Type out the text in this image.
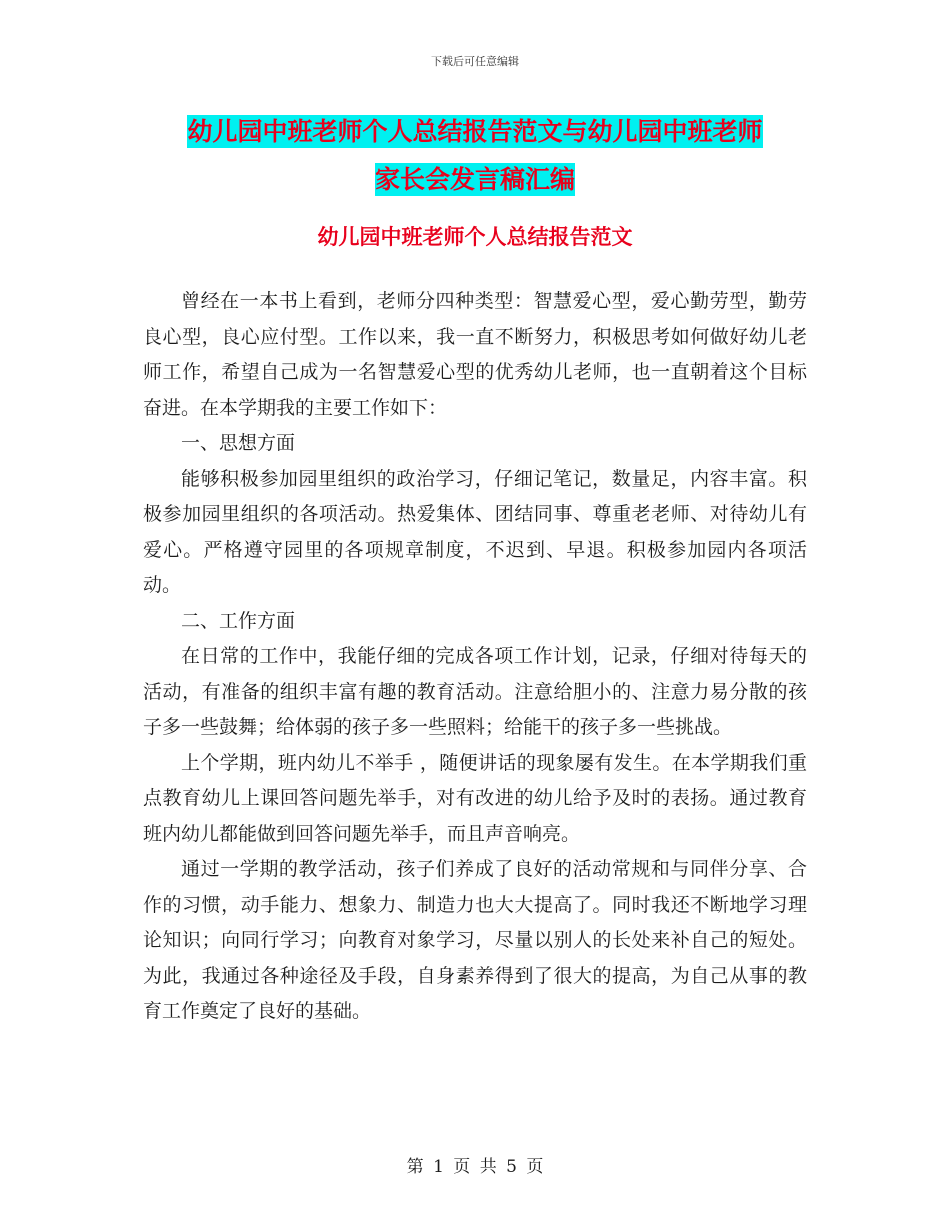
下载后可任意编辑
幼儿园中班老师个人总结报告范文与幼儿园中班老师
家长会发言稿汇编
幼儿园中班老师个人总结报告范文

曾经在一本书上看到，老师分四种类型：智慧爱心型，爱心勤劳型，勤劳良心型，良心应付型。工作以来，我一直不断努力，积极思考如何做好幼儿老师工作，希望自己成为一名智慧爱心型的优秀幼儿老师，也一直朝着这个目标奋进。在本学期我的主要工作如下：

一、思想方面

能够积极参加园里组织的政治学习，仔细记笔记，数量足，内容丰富。积极参加园里组织的各项活动。热爱集体、团结同事、尊重老老师、对待幼儿有爱心。严格遵守园里的各项规章制度，不迟到、早退。积极参加园内各项活动。

二、工作方面

在日常的工作中，我能仔细的完成各项工作计划，记录，仔细对待每天的活动，有准备的组织丰富有趣的教育活动。注意给胆小的、注意力易分散的孩子多一些鼓舞；给体弱的孩子多一些照料；给能干的孩子多一些挑战。

上个学期，班内幼儿不举手 ，随便讲话的现象屡有发生。在本学期我们重点教育幼儿上课回答问题先举手，对有改进的幼儿给予及时的表扬。通过教育班内幼儿都能做到回答问题先举手，而且声音响亮。

通过一学期的教学活动，孩子们养成了良好的活动常规和与同伴分享、合作的习惯，动手能力、想象力、制造力也大大提高了。同时我还不断地学习理论知识；向同行学习；向教育对象学习，尽量以别人的长处来补自己的短处。为此，我通过各种途径及手段，自身素养得到了很大的提高，为自己从事的教育工作奠定了良好的基础。

第 1 页 共 5 页
